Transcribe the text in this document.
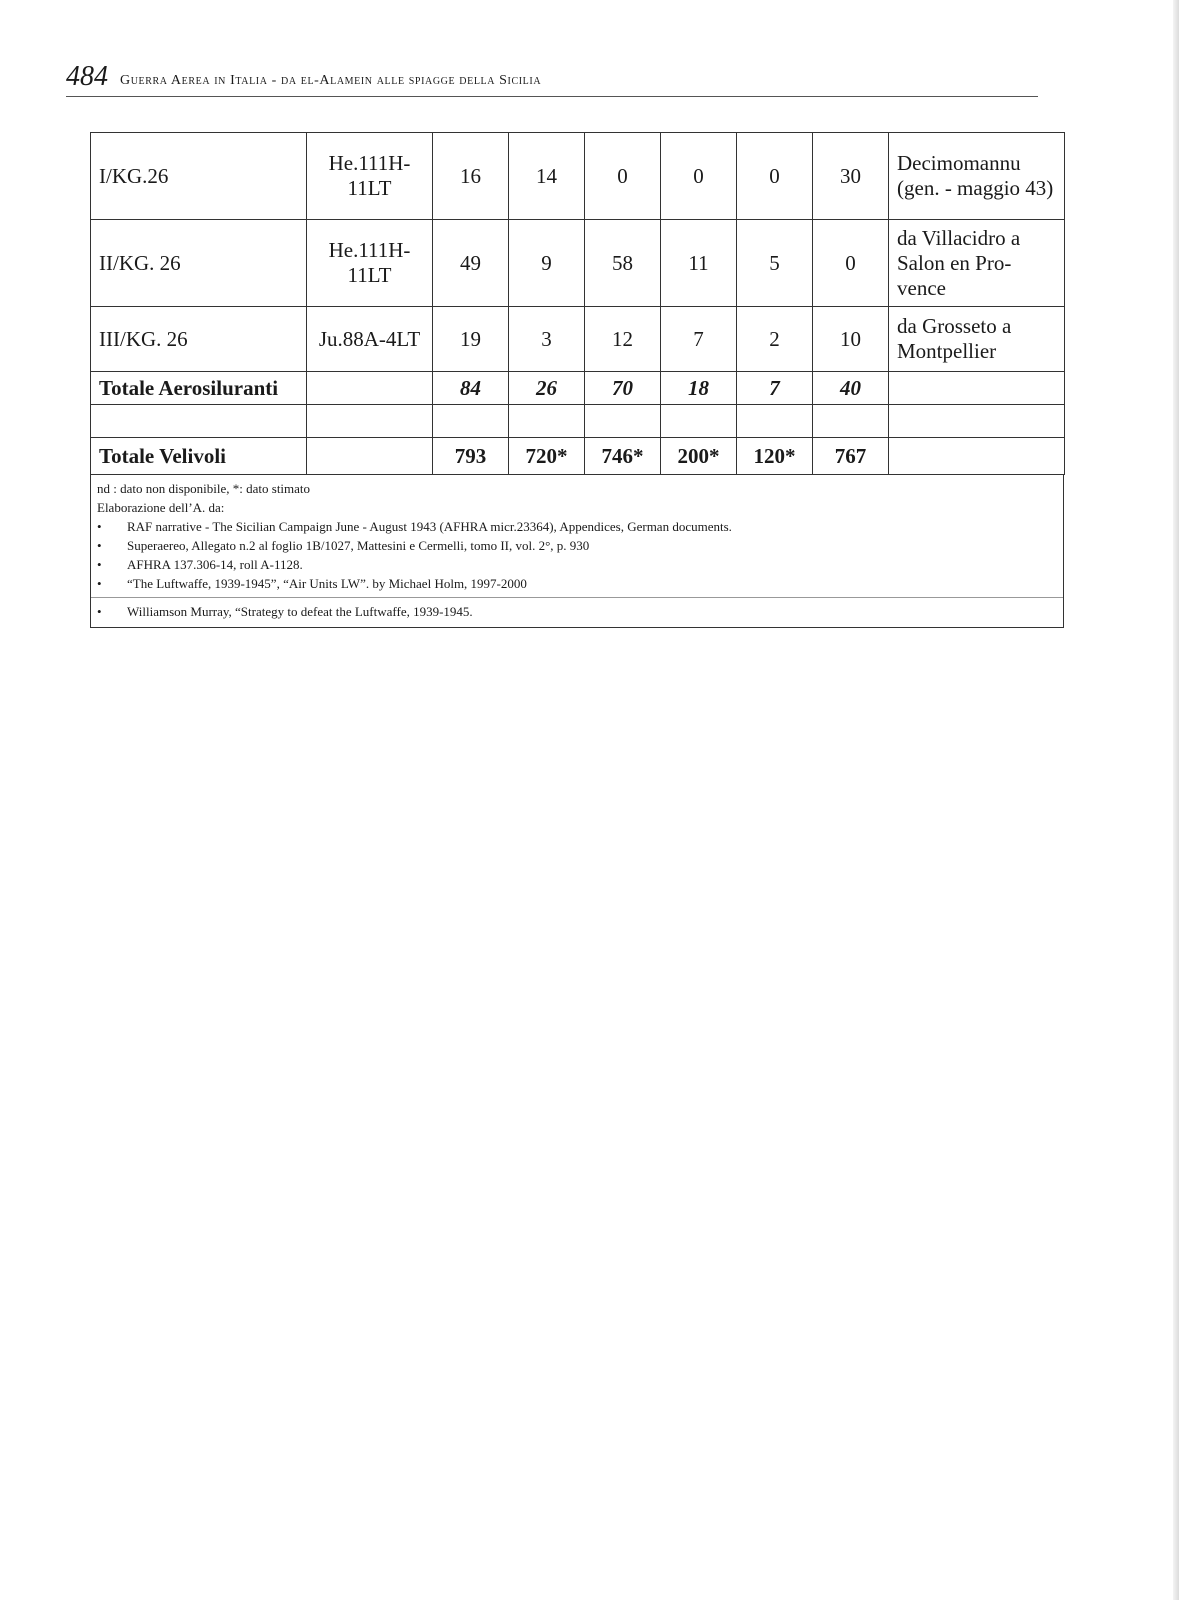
484 Guerra Aerea in Italia - da el-Alamein alle spiagge della Sicilia
I/KG.26	He.111H-11LT	16	14	0	0	0	30	Decimomannu (gen. - maggio 43)
II/KG. 26	He.111H-11LT	49	9	58	11	5	0	da Villacidro a Salon en Pro-vence
III/KG. 26	Ju.88A-4LT	19	3	12	7	2	10	da Grosseto a Montpellier
Totale Aerosiluranti		84	26	70	18	7	40	

Totale Velivoli		793	720*	746*	200*	120*	767	
nd : dato non disponibile, *: dato stimato
Elaborazione dell’A. da:
•	RAF narrative - The Sicilian Campaign June - August 1943 (AFHRA micr.23364), Appendices, German documents.
•	Superaereo, Allegato n.2 al foglio 1B/1027, Mattesini e Cermelli, tomo II, vol. 2°, p. 930
•	AFHRA 137.306-14, roll A-1128.
•	“The Luftwaffe, 1939-1945”, “Air Units LW”. by Michael Holm, 1997-2000
•	Williamson Murray, “Strategy to defeat the Luftwaffe, 1939-1945.
